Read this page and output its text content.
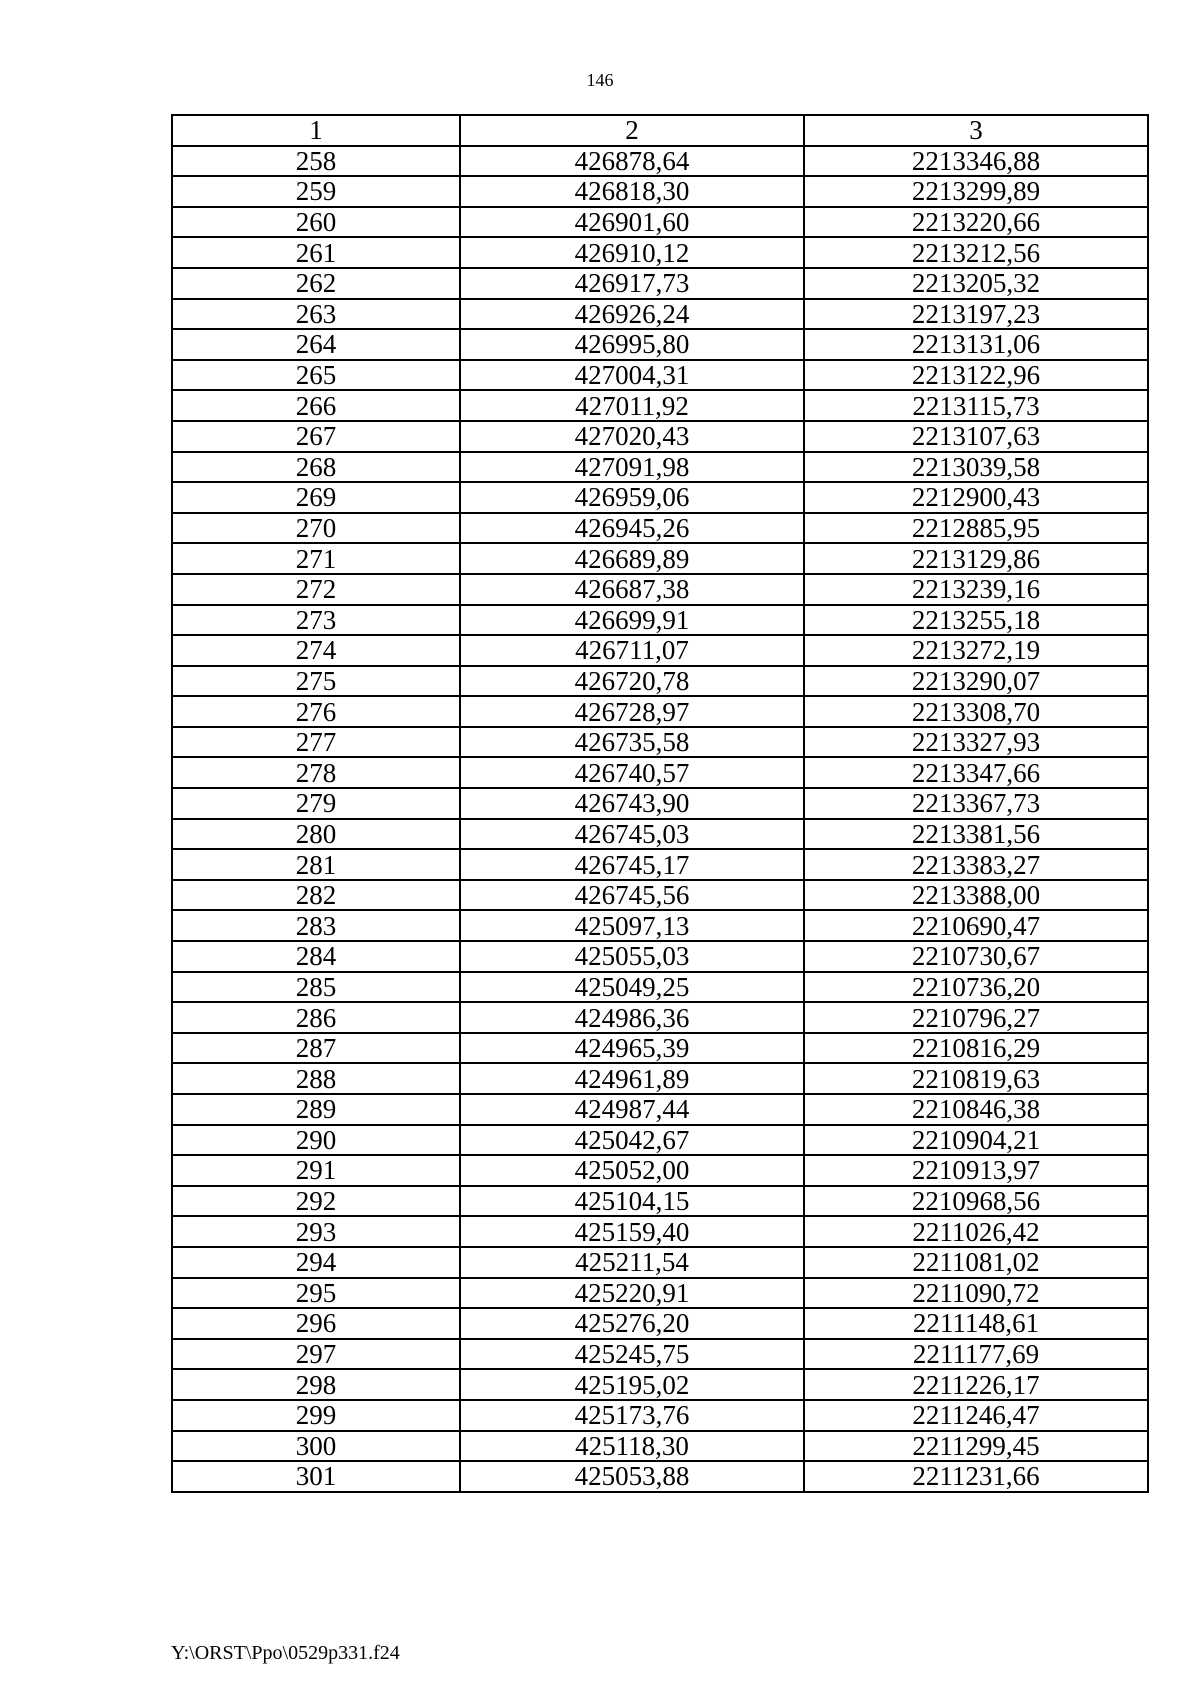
146
1	2	3
258	426878,64	2213346,88
259	426818,30	2213299,89
260	426901,60	2213220,66
261	426910,12	2213212,56
262	426917,73	2213205,32
263	426926,24	2213197,23
264	426995,80	2213131,06
265	427004,31	2213122,96
266	427011,92	2213115,73
267	427020,43	2213107,63
268	427091,98	2213039,58
269	426959,06	2212900,43
270	426945,26	2212885,95
271	426689,89	2213129,86
272	426687,38	2213239,16
273	426699,91	2213255,18
274	426711,07	2213272,19
275	426720,78	2213290,07
276	426728,97	2213308,70
277	426735,58	2213327,93
278	426740,57	2213347,66
279	426743,90	2213367,73
280	426745,03	2213381,56
281	426745,17	2213383,27
282	426745,56	2213388,00
283	425097,13	2210690,47
284	425055,03	2210730,67
285	425049,25	2210736,20
286	424986,36	2210796,27
287	424965,39	2210816,29
288	424961,89	2210819,63
289	424987,44	2210846,38
290	425042,67	2210904,21
291	425052,00	2210913,97
292	425104,15	2210968,56
293	425159,40	2211026,42
294	425211,54	2211081,02
295	425220,91	2211090,72
296	425276,20	2211148,61
297	425245,75	2211177,69
298	425195,02	2211226,17
299	425173,76	2211246,47
300	425118,30	2211299,45
301	425053,88	2211231,66
Y:\ORST\Ppo\0529p331.f24
